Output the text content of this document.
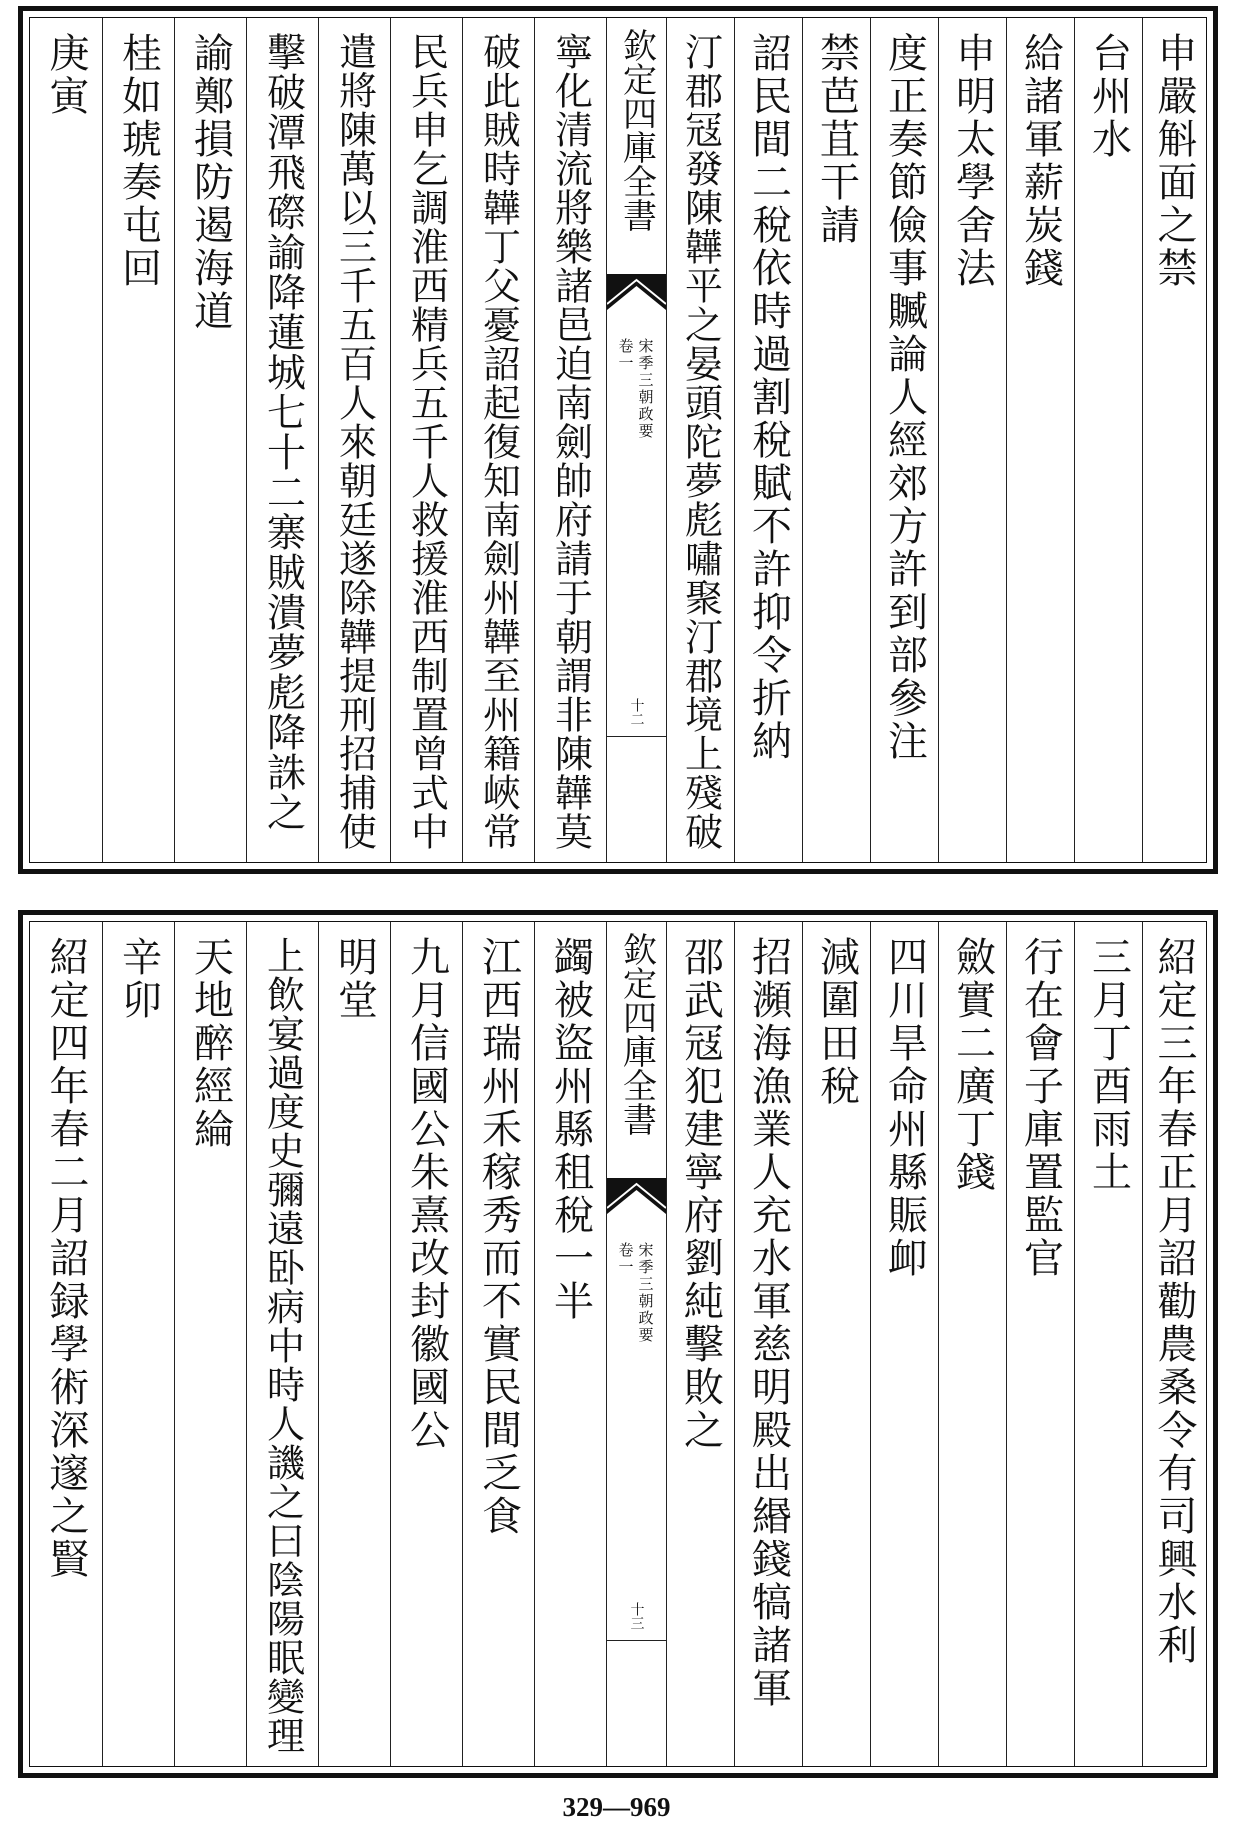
庚寅 桂如琥奏屯回 諭鄭損防遏海道 擊破潭飛磜諭降蓮城七十二寨賊潰夢彪降誅之 遣將陳萬以三千五百人來朝廷遂除韡提刑招捕使 民兵申乞調淮西精兵五千人救援淮西制置曾式中 破此賊時韡丁父憂詔起復知南劍州韡至州籍峽常 寧化清流將樂諸邑迫南劍帥府請于朝謂非陳韡莫 欽定四庫全書
宋季三朝政要
卷一
十二 汀郡冦發陳韡平之晏頭陀夢彪嘯聚汀郡境上殘破 詔民間二稅依時過割稅賦不許抑令折納 禁芭苴干請 度正奏節儉事贓論人經郊方許到部參注 申明太學舍法 給諸軍薪炭錢 台州水 申嚴斛面之禁
紹定四年春二月詔録學術深邃之賢 辛卯 天地醉經綸 上飲宴過度史彌遠卧病中時人譏之曰陰陽眠變理 明堂 九月信國公朱熹改封徽國公 江西瑞州禾稼秀而不實民間乏食 蠲被盜州縣租稅一半 欽定四庫全書
宋季三朝政要
卷一
十三
邵武冦犯建寧府劉純擊敗之 招瀕海漁業人充水軍慈明殿出緡錢犒諸軍 減圍田稅 四川旱命州縣賑卹 斂實二廣丁錢 行在會子庫置監官 三月丁酉雨土 紹定三年春正月詔勸農桑令有司興水利
329—969
